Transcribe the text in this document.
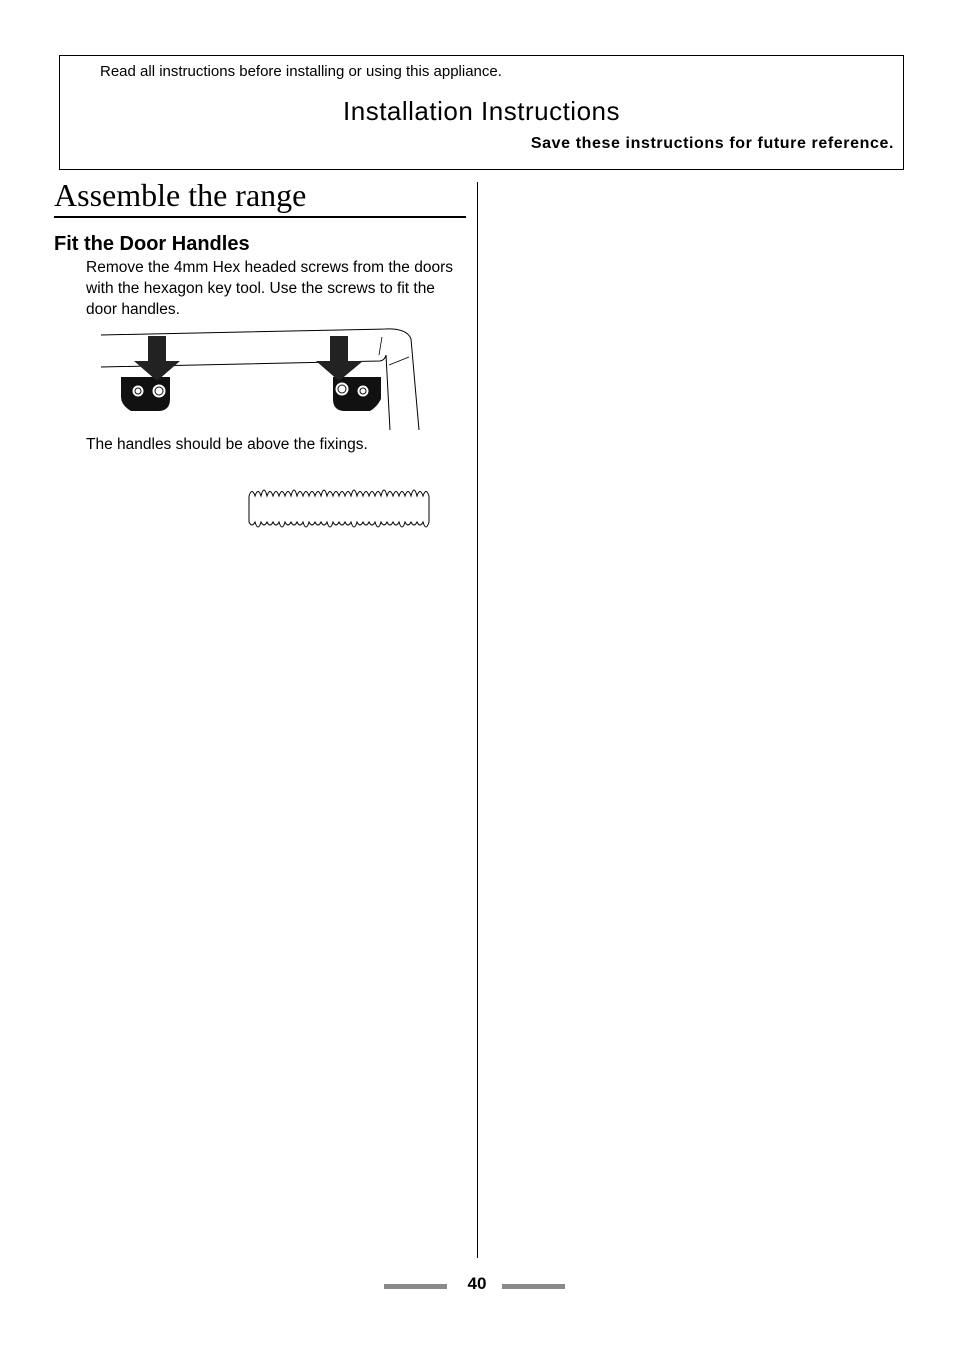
Read all instructions before installing or using this appliance.
Installation Instructions
Save these instructions for future reference.
Assemble the range
Fit the Door Handles
Remove the 4mm Hex headed screws from the doors with the hexagon key tool. Use the screws to fit the door handles.
The handles should be above the fixings.
40
